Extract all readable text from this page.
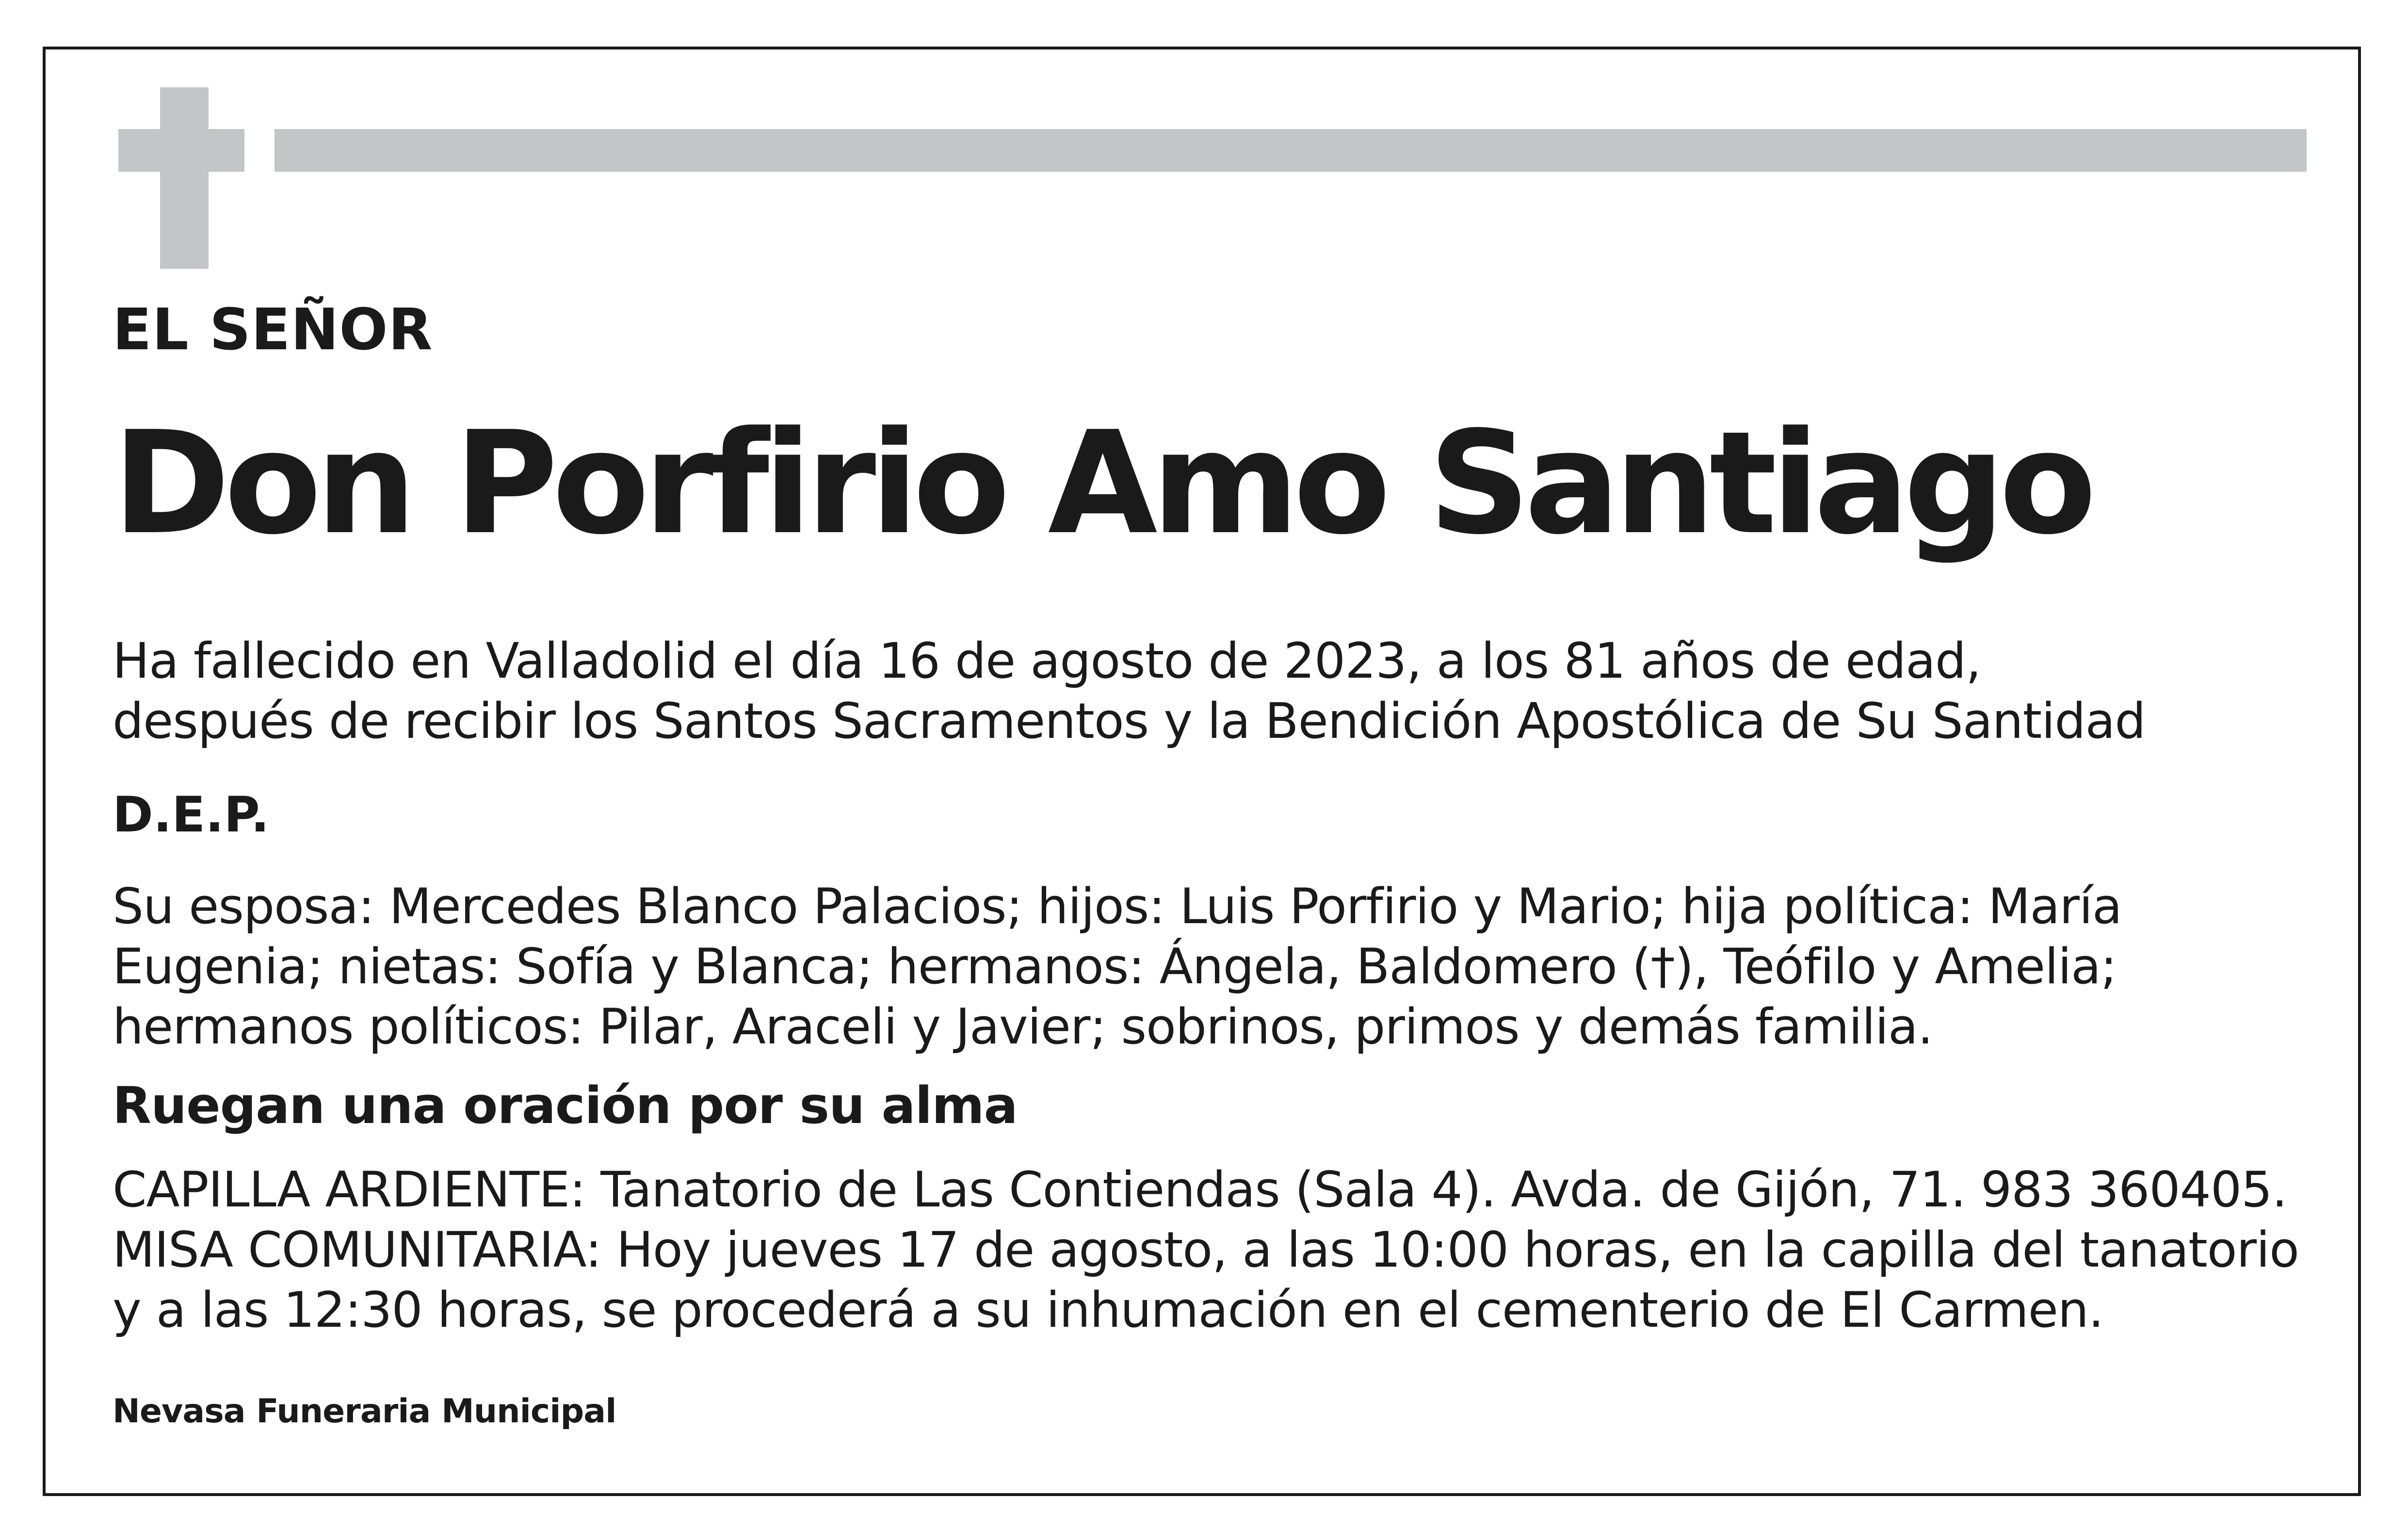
EL SEÑOR

Don Porfirio Amo Santiago

Ha fallecido en Valladolid el día 16 de agosto de 2023, a los 81 años de edad,
después de recibir los Santos Sacramentos y la Bendición Apostólica de Su Santidad

D.E.P.

Su esposa: Mercedes Blanco Palacios; hijos: Luis Porfirio y Mario; hija política: María
Eugenia; nietas: Sofía y Blanca; hermanos: Ángela, Baldomero (†), Teófilo y Amelia;
hermanos políticos: Pilar, Araceli y Javier; sobrinos, primos y demás familia.

Ruegan una oración por su alma

CAPILLA ARDIENTE: Tanatorio de Las Contiendas (Sala 4). Avda. de Gijón, 71. 983 360405.
MISA COMUNITARIA: Hoy jueves 17 de agosto, a las 10:00 horas, en la capilla del tanatorio
y a las 12:30 horas, se procederá a su inhumación en el cementerio de El Carmen.

Nevasa Funeraria Municipal
